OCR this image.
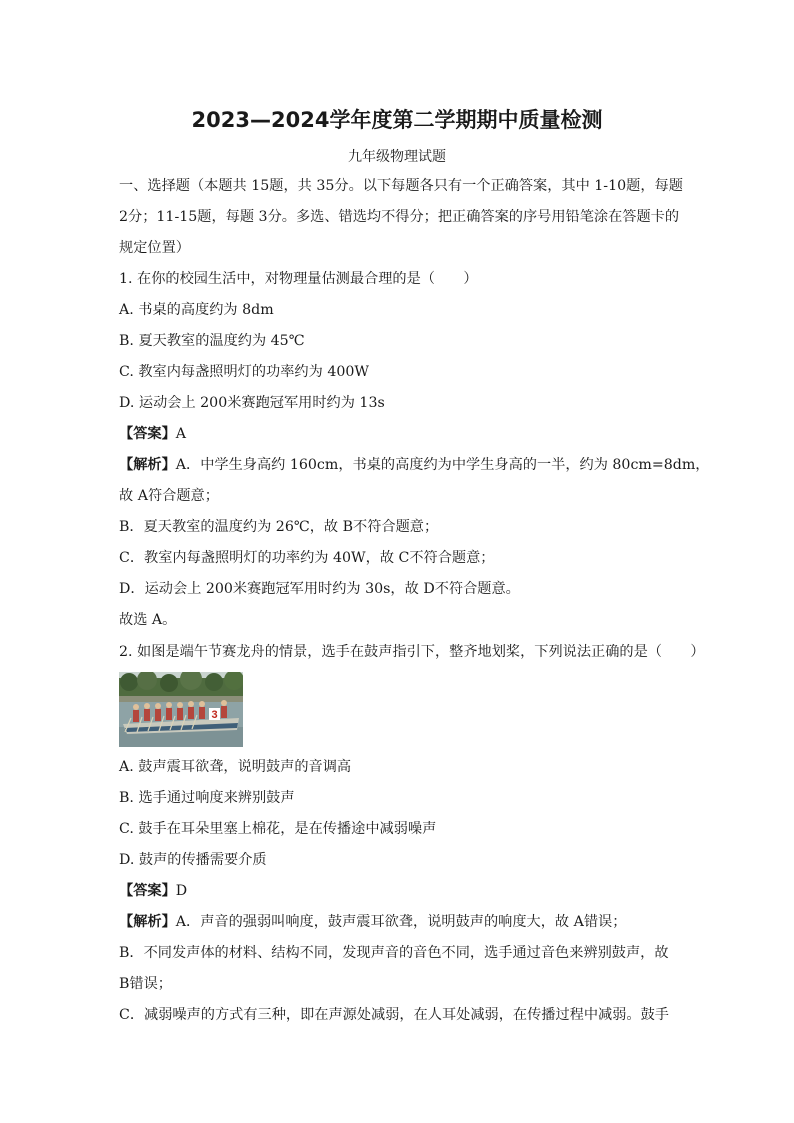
2023—2024学年度第二学期期中质量检测
九年级物理试题
一、选择题（本题共 15题，共 35分。以下每题各只有一个正确答案，其中 1-10题，每题
2分；11-15题，每题 3分。多选、错选均不得分；把正确答案的序号用铅笔涂在答题卡的
规定位置）
1. 在你的校园生活中，对物理量估测最合理的是（　　）
A. 书桌的高度约为 8dm
B. 夏天教室的温度约为 45℃
C. 教室内每盏照明灯的功率约为 400W
D. 运动会上 200米赛跑冠军用时约为 13s
【答案】A
【解析】A．中学生身高约 160cm，书桌的高度约为中学生身高的一半，约为 80cm=8dm，
故 A符合题意；
B．夏天教室的温度约为 26℃，故 B不符合题意；
C．教室内每盏照明灯的功率约为 40W，故 C不符合题意；
D．运动会上 200米赛跑冠军用时约为 30s，故 D不符合题意。
故选 A。
2. 如图是端午节赛龙舟的情景，选手在鼓声指引下，整齐地划桨，下列说法正确的是（　　）
3
A. 鼓声震耳欲聋，说明鼓声的音调高
B. 选手通过响度来辨别鼓声
C. 鼓手在耳朵里塞上棉花，是在传播途中减弱噪声
D. 鼓声的传播需要介质
【答案】D
【解析】A．声音的强弱叫响度，鼓声震耳欲聋，说明鼓声的响度大，故 A错误；
B．不同发声体的材料、结构不同，发现声音的音色不同，选手通过音色来辨别鼓声，故
B错误；
C．减弱噪声的方式有三种，即在声源处减弱，在人耳处减弱，在传播过程中减弱。鼓手
